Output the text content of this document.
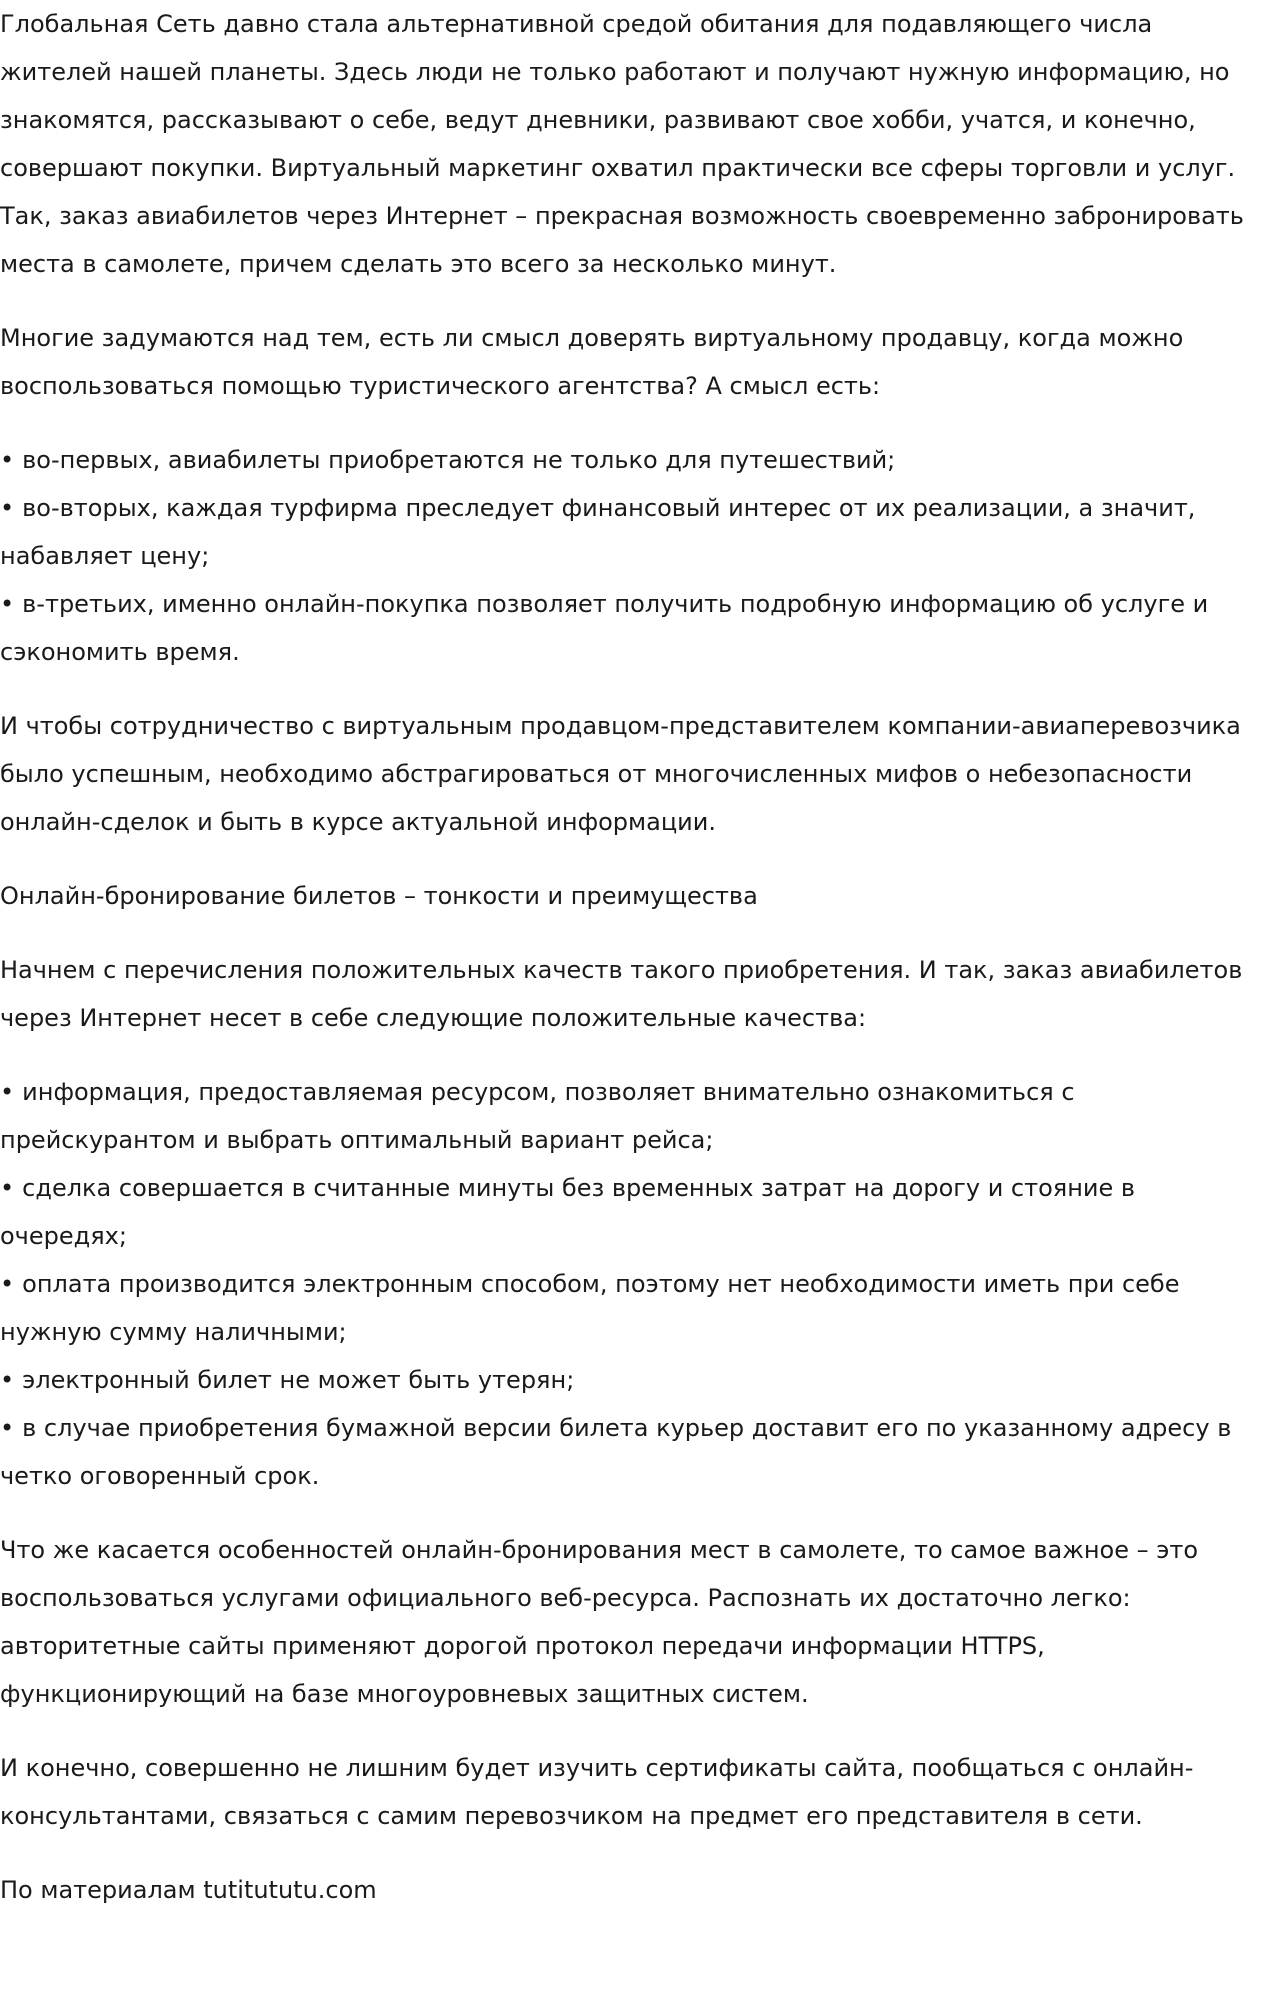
Глобальная Сеть давно стала альтернативной средой обитания для подавляющего числа жителей нашей планеты. Здесь люди не только работают и получают нужную информацию, но знакомятся, рассказывают о себе, ведут дневники, развивают свое хобби, учатся, и конечно, совершают покупки. Виртуальный маркетинг охватил практически все сферы торговли и услуг. Так, заказ авиабилетов через Интернет – прекрасная возможность своевременно забронировать места в самолете, причем сделать это всего за несколько минут.

Многие задумаются над тем, есть ли смысл доверять виртуальному продавцу, когда можно воспользоваться помощью туристического агентства? А смысл есть:

• во-первых, авиабилеты приобретаются не только для путешествий;
• во-вторых, каждая турфирма преследует финансовый интерес от их реализации, а значит, набавляет цену;
• в-третьих, именно онлайн-покупка позволяет получить подробную информацию об услуге и сэкономить время.

И чтобы сотрудничество с виртуальным продавцом-представителем компании-авиаперевозчика было успешным, необходимо абстрагироваться от многочисленных мифов о небезопасности онлайн-сделок и быть в курсе актуальной информации.

Онлайн-бронирование билетов – тонкости и преимущества

Начнем с перечисления положительных качеств такого приобретения. И так, заказ авиабилетов через Интернет несет в себе следующие положительные качества:

• информация, предоставляемая ресурсом, позволяет внимательно ознакомиться с прейскурантом и выбрать оптимальный вариант рейса;
• сделка совершается в считанные минуты без временных затрат на дорогу и стояние в очередях;
• оплата производится электронным способом, поэтому нет необходимости иметь при себе нужную сумму наличными;
• электронный билет не может быть утерян;
• в случае приобретения бумажной версии билета курьер доставит его по указанному адресу в четко оговоренный срок.

Что же касается особенностей онлайн-бронирования мест в самолете, то самое важное – это воспользоваться услугами официального веб-ресурса. Распознать их достаточно легко: авторитетные сайты применяют дорогой протокол передачи информации HTTPS, функционирующий на базе многоуровневых защитных систем.

И конечно, совершенно не лишним будет изучить сертификаты сайта, пообщаться с онлайн-консультантами, связаться с самим перевозчиком на предмет его представителя в сети.

По материалам tutitututu.com
